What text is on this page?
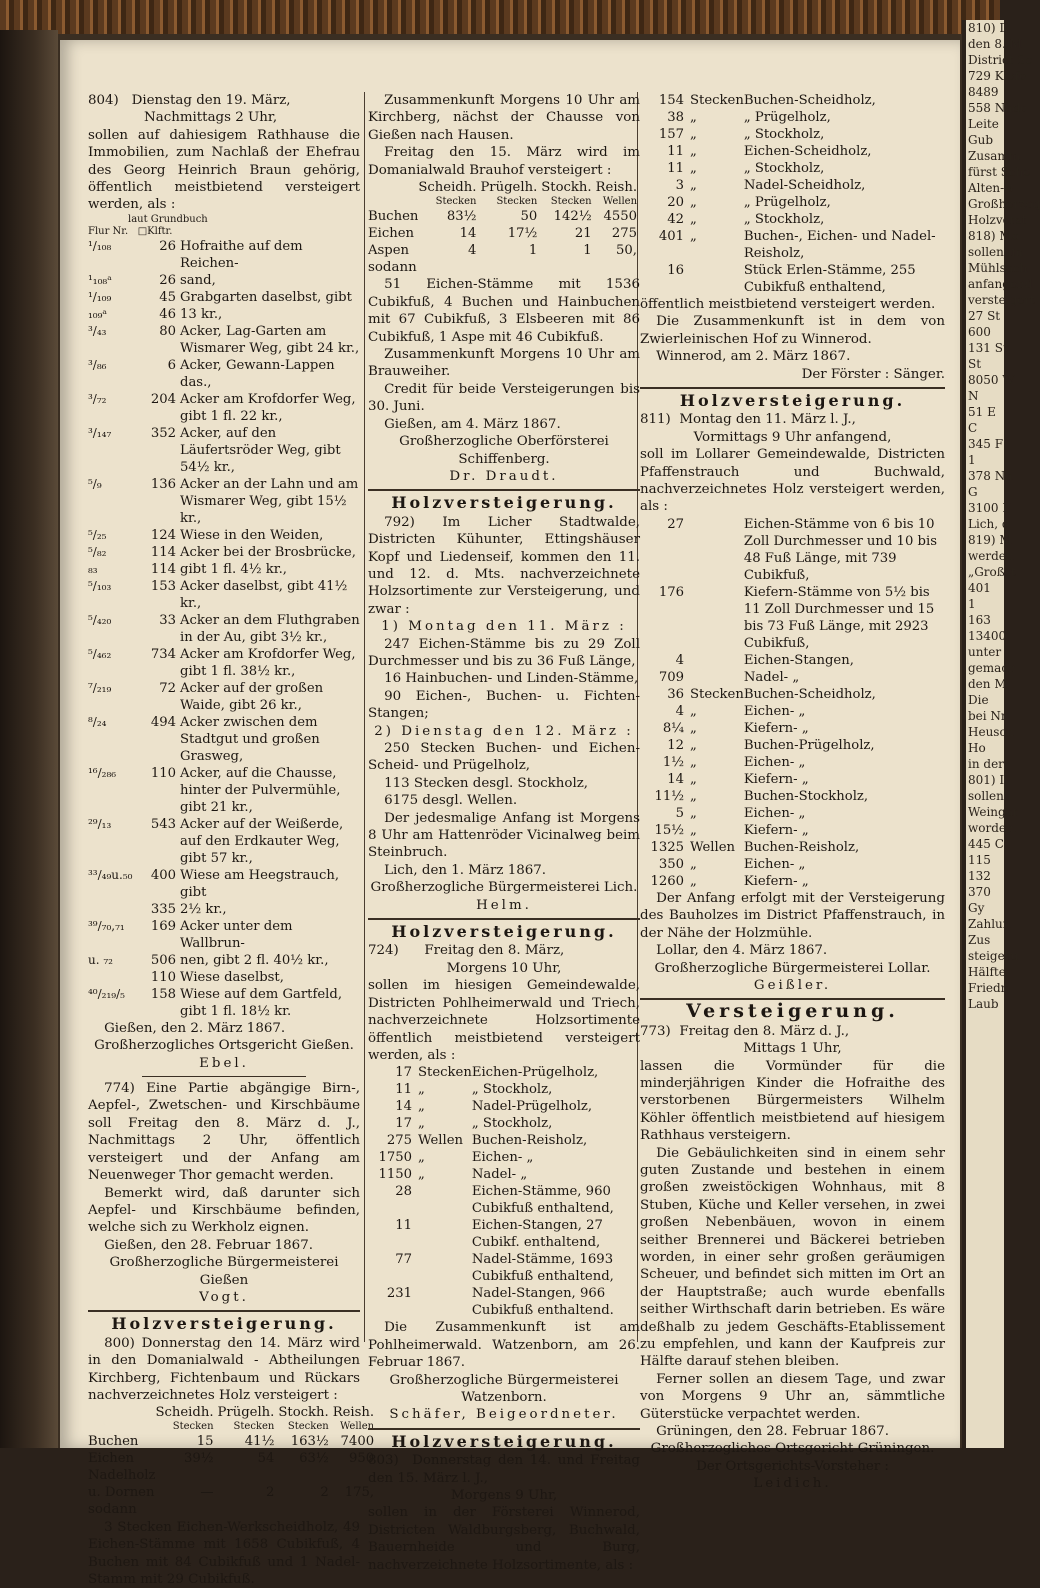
810) D
den 8. M
District Sc
729 Kiefe
8489
558 Nade
Leite
Gub
Zusamm
fürst Sche
Alten-B
Großherzog
Holzverst
818) Mo
sollen im
Mühlsach
anfangend
versteigert
27 St
600
131 St
St
8050 W
N
51 E
C
345 F
1
378 Na
G
3100 F
Lich, d
819) M
werden
„Großst
401
1
163
13400
unter
gemach
den M
Die
bei Nr.
Heusch
Ho
in der
801) I
sollen i
Weingar
worden:
445 C
115
132
370
Gy
Zahlun
Zus
steigeru
Hälfte
Friedri
Laub

804) Dienstag den 19. März,

Nachmittags 2 Uhr,

sollen auf dahiesigem Rathhause die Immobilien, zum Nachlaß der Ehefrau des Georg Heinrich Braun gehörig, öffentlich meistbietend versteigert werden, als :

laut Grundbuch

Flur Nr. □Klftr.

¹/₁₀₈	26	Hofraithe auf dem Reichen-
¹₁₀₈ᵃ	26	sand,
¹/₁₀₉	45	Grabgarten daselbst, gibt
₁₀₉ᵃ	46	13 kr.,
³/₄₃	80	Acker, Lag-Garten am Wismarer Weg, gibt 24 kr.,
³/₈₆	6	Acker, Gewann-Lappen das.,
³/₇₂	204	Acker am Krofdorfer Weg, gibt 1 fl. 22 kr.,
³/₁₄₇	352	Acker, auf den Läufertsröder Weg, gibt 54½ kr.,
⁵/₉	136	Acker an der Lahn und am Wismarer Weg, gibt 15½ kr.,
⁵/₂₅	124	Wiese in den Weiden,
⁵/₈₂	114	Acker bei der Brosbrücke,
₈₃	114	gibt 1 fl. 4½ kr.,
⁵/₁₀₃	153	Acker daselbst, gibt 41½ kr.,
⁵/₄₂₀	33	Acker an dem Fluthgraben in der Au, gibt 3½ kr.,
⁵/₄₆₂	734	Acker am Krofdorfer Weg, gibt 1 fl. 38½ kr.,
⁷/₂₁₉	72	Acker auf der großen Waide, gibt 26 kr.,
⁸/₂₄	494	Acker zwischen dem Stadtgut und großen Grasweg,
¹⁶/₂₈₆	110	Acker, auf die Chausse, hinter der Pulvermühle, gibt 21 kr.,
²⁹/₁₃	543	Acker auf der Weißerde, auf den Erdkauter Weg, gibt 57 kr.,
³³/₄₉u.₅₀	400	Wiese am Heegstrauch, gibt
	335	2½ kr.,
³⁹/₇₀,₇₁	169	Acker unter dem Wallbrun-
u. ₇₂	506	nen, gibt 2 fl. 40½ kr.,
	110	Wiese daselbst,
⁴⁰/₂₁₉/₅	158	Wiese auf dem Gartfeld, gibt 1 fl. 18½ kr.

Gießen, den 2. März 1867.

Großherzogliches Ortsgericht Gießen.

Ebel.

774) Eine Partie abgängige Birn-, Aepfel-, Zwetschen- und Kirschbäume soll Freitag den 8. März d. J., Nachmittags 2 Uhr, öffentlich versteigert und der Anfang am Neuenweger Thor gemacht werden.

Bemerkt wird, daß darunter sich Aepfel- und Kirschbäume befinden, welche sich zu Werkholz eignen.

Gießen, den 28. Februar 1867.

Großherzogliche Bürgermeisterei Gießen

Vogt.

Holzversteigerung.

800) Donnerstag den 14. März wird in den Domanialwald - Abtheilungen Kirchberg, Fichtenbaum und Rückars nachverzeichnetes Holz versteigert :

	Scheidh.	Prügelh.	Stockh.	Reish.
	Stecken	Stecken	Stecken	Wellen
Buchen	15	41½	163½	7400
Eichen	39½	54	63½	950
Nadelholz				
u. Dornen	—	2	2	175,

sodann

3 Stecken Eichen-Werkscheidholz, 49 Eichen-Stämme mit 1658 Cubikfuß, 4 Buchen mit 84 Cubikfuß und 1 Nadel-Stamm mit 29 Cubikfuß.

Zusammenkunft Morgens 10 Uhr am Kirchberg, nächst der Chausse von Gießen nach Hausen.

Freitag den 15. März wird im Domanialwald Brauhof versteigert :

	Scheidh.	Prügelh.	Stockh.	Reish.
	Stecken	Stecken	Stecken	Wellen
Buchen	83½	50	142½	4550
Eichen	14	17½	21	275
Aspen	4	1	1	50,

sodann

51 Eichen-Stämme mit 1536 Cubikfuß, 4 Buchen und Hainbuchen mit 67 Cubikfuß, 3 Elsbeeren mit 86 Cubikfuß, 1 Aspe mit 46 Cubikfuß.

Zusammenkunft Morgens 10 Uhr am Brauweiher.

Credit für beide Versteigerungen bis 30. Juni.

Gießen, am 4. März 1867.

Großherzogliche Oberförsterei Schiffenberg.

Dr. Draudt.

Holzversteigerung.

792) Im Licher Stadtwalde, Districten Kühunter, Ettingshäuser Kopf und Liedenseif, kommen den 11. und 12. d. Mts. nachverzeichnete Holzsortimente zur Versteigerung, und zwar :

1) Montag den 11. März :

247 Eichen-Stämme bis zu 29 Zoll Durchmesser und bis zu 36 Fuß Länge,

16 Hainbuchen- und Linden-Stämme,

90 Eichen-, Buchen- u. Fichten-Stangen;

2) Dienstag den 12. März :

250 Stecken Buchen- und Eichen-Scheid- und Prügelholz,

113 Stecken desgl. Stockholz,

6175 desgl. Wellen.

Der jedesmalige Anfang ist Morgens 8 Uhr am Hattenröder Vicinalweg beim Steinbruch.

Lich, den 1. März 1867.

Großherzogliche Bürgermeisterei Lich.

Helm.

Holzversteigerung.

724) Freitag den 8. März,

Morgens 10 Uhr,

sollen im hiesigen Gemeindewalde, Districten Pohlheimerwald und Trieсh, nachverzeichnete Holzsortimente öffentlich meistbietend versteigert werden, als :

17	Stecken	Eichen-Prügelholz,
11	„	„ Stockholz,
14	„	Nadel-Prügelholz,
17	„	„ Stockholz,
275	Wellen	Buchen-Reisholz,
1750	„	Eichen- „
1150	„	Nadel- „
28		Eichen-Stämme, 960 Cubikfuß enthaltend,
11		Eichen-Stangen, 27 Cubikf. enthaltend,
77		Nadel-Stämme, 1693 Cubikfuß enthaltend,
231		Nadel-Stangen, 966 Cubikfuß enthaltend.

Die Zusammenkunft ist am Pohlheimerwald. Watzenborn, am 26. Februar 1867.

Großherzogliche Bürgermeisterei Watzenborn.

Schäfer, Beigeordneter.

Holzversteigerung.

803) Donnerstag den 14. und Freitag den 15. März l. J.,

Morgens 9 Uhr,

sollen in der Försterei Winnerod, Districten Waldburgsberg, Buchwald, Bauernheide und Burg, nachverzeichnete Holzsortimente, als :

154	Stecken	Buchen-Scheidholz,
38	„	„ Prügelholz,
157	„	„ Stockholz,
11	„	Eichen-Scheidholz,
11	„	„ Stockholz,
3	„	Nadel-Scheidholz,
20	„	„ Prügelholz,
42	„	„ Stockholz,
401	„	Buchen-, Eichen- und Nadel-Reisholz,
16		Stück Erlen-Stämme, 255 Cubikfuß enthaltend,

öffentlich meistbietend versteigert werden.

Die Zusammenkunft ist in dem von Zwierleinischen Hof zu Winnerod.

Winnerod, am 2. März 1867.

Der Förster : Sänger.

Holzversteigerung.

811) Montag den 11. März l. J.,

Vormittags 9 Uhr anfangend,

soll im Lollarer Gemeindewalde, Districten Pfaffenstrauch und Buchwald, nachverzeichnetes Holz versteigert werden, als :

27		Eichen-Stämme von 6 bis 10 Zoll Durchmesser und 10 bis 48 Fuß Länge, mit 739 Cubikfuß,
176		Kiefern-Stämme von 5½ bis 11 Zoll Durchmesser und 15 bis 73 Fuß Länge, mit 2923 Cubikfuß,
4		Eichen-Stangen,
709		Nadel- „
36	Stecken	Buchen-Scheidholz,
4	„	Eichen- „
8¼	„	Kiefern- „
12	„	Buchen-Prügelholz,
1½	„	Eichen- „
14	„	Kiefern- „
11½	„	Buchen-Stockholz,
5	„	Eichen- „
15½	„	Kiefern- „
1325	Wellen	Buchen-Reisholz,
350	„	Eichen- „
1260	„	Kiefern- „

Der Anfang erfolgt mit der Versteigerung des Bauholzes im District Pfaffenstrauch, in der Nähe der Holzmühle.

Lollar, den 4. März 1867.

Großherzogliche Bürgermeisterei Lollar.

Geißler.

Versteigerung.

773) Freitag den 8. März d. J.,

Mittags 1 Uhr,

lassen die Vormünder für die minderjährigen Kinder die Hofraithe des verstorbenen Bürgermeisters Wilhelm Köhler öffentlich meistbietend auf hiesigem Rathhaus versteigern.

Die Gebäulichkeiten sind in einem sehr guten Zustande und bestehen in einem großen zweistöckigen Wohnhaus, mit 8 Stuben, Küche und Keller versehen, in zwei großen Nebenbäuen, wovon in einem seither Brennerei und Bäckerei betrieben worden, in einer sehr großen geräumigen Scheuer, und befindet sich mitten im Ort an der Hauptstraße; auch wurde ebenfalls seither Wirthschaft darin betrieben. Es wäre deßhalb zu jedem Geschäfts-Etablissement zu empfehlen, und kann der Kaufpreis zur Hälfte darauf stehen bleiben.

Ferner sollen an diesem Tage, und zwar von Morgens 9 Uhr an, sämmtliche Güterstücke verpachtet werden.

Grüningen, den 28. Februar 1867.

Großherzogliches Ortsgericht Grüningen.

Der Ortsgerichts-Vorsteher :

Leidich.
